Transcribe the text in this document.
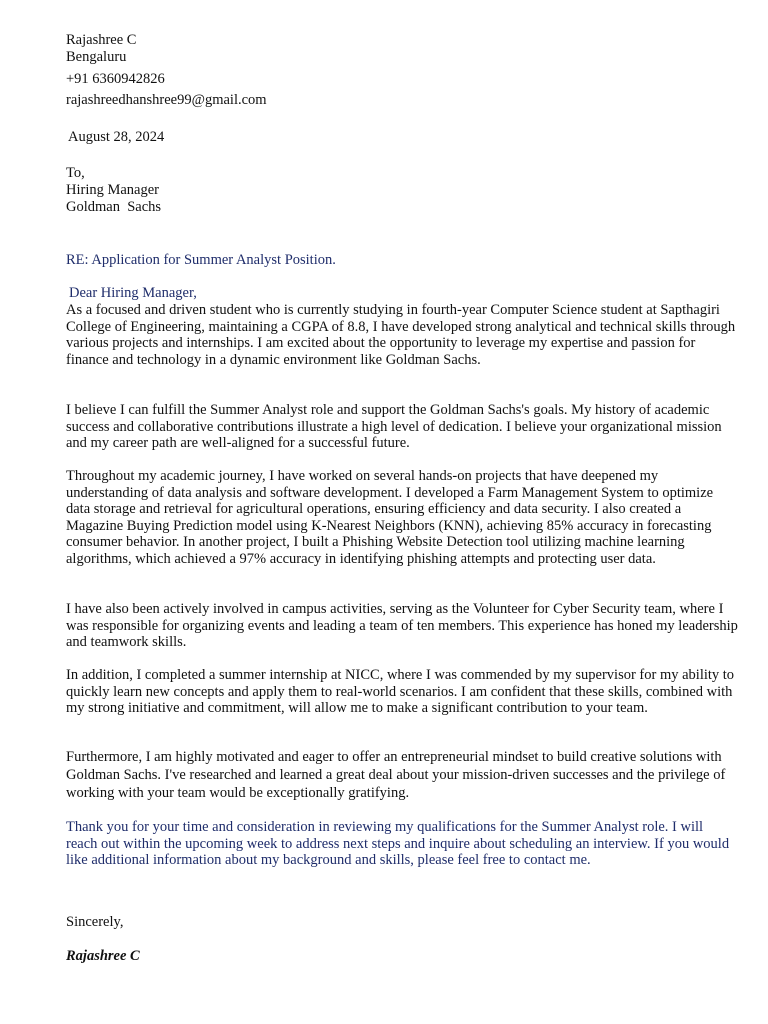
Rajashree C
Bengaluru
+91 6360942826
rajashreedhanshree99@gmail.com
August 28, 2024
To,
Hiring Manager
Goldman  Sachs
RE: Application for Summer Analyst Position.
Dear Hiring Manager,

As a focused and driven student who is currently studying in fourth-year Computer Science student at Sapthagiri College of Engineering, maintaining a CGPA of 8.8, I have developed strong analytical and technical skills through various projects and internships. I am excited about the opportunity to leverage my expertise and passion for finance and technology in a dynamic environment like Goldman Sachs.

I believe I can fulfill the Summer Analyst role and support the Goldman Sachs's goals. My history of academic success and collaborative contributions illustrate a high level of dedication. I believe your organizational mission and my career path are well-aligned for a successful future.

Throughout my academic journey, I have worked on several hands-on projects that have deepened my understanding of data analysis and software development. I developed a Farm Management System to optimize data storage and retrieval for agricultural operations, ensuring efficiency and data security. I also created a Magazine Buying Prediction model using K-Nearest Neighbors (KNN), achieving 85% accuracy in forecasting consumer behavior. In another project, I built a Phishing Website Detection tool utilizing machine learning algorithms, which achieved a 97% accuracy in identifying phishing attempts and protecting user data.

I have also been actively involved in campus activities, serving as the Volunteer for Cyber Security team, where I was responsible for organizing events and leading a team of ten members. This experience has honed my leadership and teamwork skills.

In addition, I completed a summer internship at NICC, where I was commended by my supervisor for my ability to quickly learn new concepts and apply them to real-world scenarios. I am confident that these skills, combined with my strong initiative and commitment, will allow me to make a significant contribution to your team.

Furthermore, I am highly motivated and eager to offer an entrepreneurial mindset to build creative solutions with Goldman Sachs. I've researched and learned a great deal about your mission-driven successes and the privilege of working with your team would be exceptionally gratifying.

Thank you for your time and consideration in reviewing my qualifications for the Summer Analyst role. I will reach out within the upcoming week to address next steps and inquire about scheduling an interview. If you would like additional information about my background and skills, please feel free to contact me.

Sincerely,
Rajashree C
